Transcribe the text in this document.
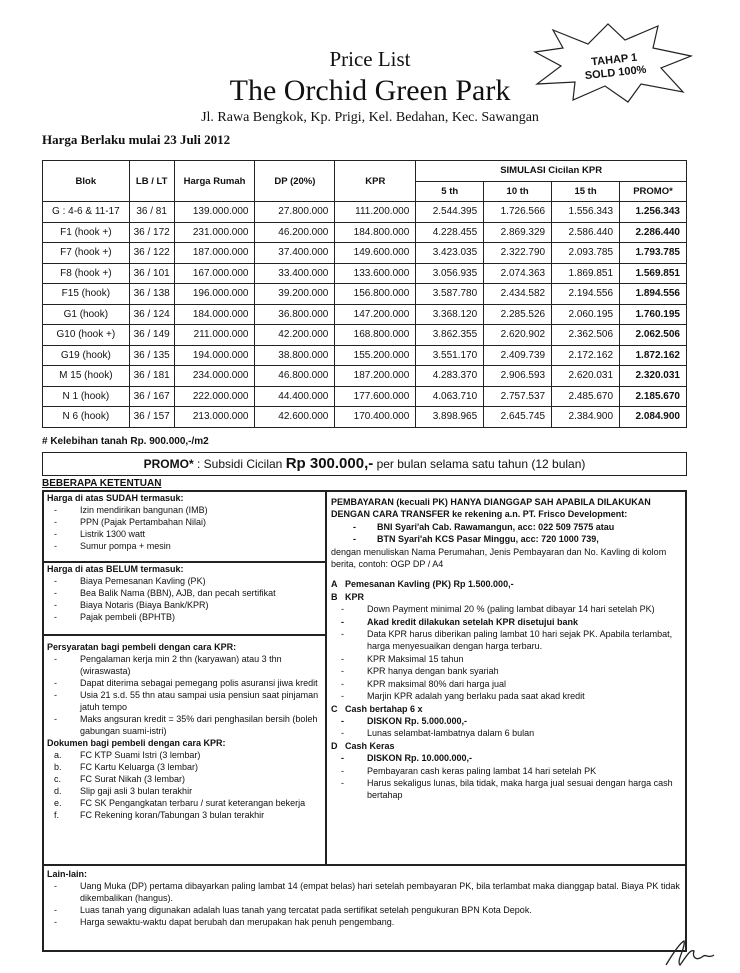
Price List
The Orchid Green Park
Jl. Rawa Bengkok, Kp. Prigi, Kel. Bedahan, Kec. Sawangan
Harga Berlaku mulai 23 Juli 2012
TAHAP 1
SOLD 100%
Blok	LB / LT	Harga Rumah	DP (20%)	KPR	SIMULASI Cicilan KPR			
					5 th	10 th	15 th	PROMO*
G : 4-6 & 11-17	36 / 81	139.000.000	27.800.000	111.200.000	2.544.395	1.726.566	1.556.343	1.256.343
F1 (hook +)	36 / 172	231.000.000	46.200.000	184.800.000	4.228.455	2.869.329	2.586.440	2.286.440
F7 (hook +)	36 / 122	187.000.000	37.400.000	149.600.000	3.423.035	2.322.790	2.093.785	1.793.785
F8 (hook +)	36 / 101	167.000.000	33.400.000	133.600.000	3.056.935	2.074.363	1.869.851	1.569.851
F15 (hook)	36 / 138	196.000.000	39.200.000	156.800.000	3.587.780	2.434.582	2.194.556	1.894.556
G1 (hook)	36 / 124	184.000.000	36.800.000	147.200.000	3.368.120	2.285.526	2.060.195	1.760.195
G10 (hook +)	36 / 149	211.000.000	42.200.000	168.800.000	3.862.355	2.620.902	2.362.506	2.062.506
G19 (hook)	36 / 135	194.000.000	38.800.000	155.200.000	3.551.170	2.409.739	2.172.162	1.872.162
M 15 (hook)	36 / 181	234.000.000	46.800.000	187.200.000	4.283.370	2.906.593	2.620.031	2.320.031
N 1 (hook)	36 / 167	222.000.000	44.400.000	177.600.000	4.063.710	2.757.537	2.485.670	2.185.670
N 6 (hook)	36 / 157	213.000.000	42.600.000	170.400.000	3.898.965	2.645.745	2.384.900	2.084.900
# Kelebihan tanah Rp. 900.000,-/m2
PROMO* : Subsidi Cicilan Rp 300.000,- per bulan selama satu tahun (12 bulan)
BEBERAPA KETENTUAN
Harga di atas SUDAH termasuk:
-	Izin mendirikan bangunan (IMB)
-	PPN (Pajak Pertambahan Nilai)
-	Listrik 1300 watt
-	Sumur pompa + mesin
Harga di atas BELUM termasuk:
-	Biaya Pemesanan Kavling (PK)
-	Bea Balik Nama (BBN), AJB, dan pecah sertifikat
-	Biaya Notaris (Biaya Bank/KPR)
-	Pajak pembeli (BPHTB)
Persyaratan bagi pembeli dengan cara KPR:
-	Pengalaman kerja min 2 thn (karyawan) atau 3 thn (wiraswasta)
-	Dapat diterima sebagai pemegang polis asuransi jiwa kredit
-	Usia 21 s.d. 55 thn atau sampai usia pensiun saat pinjaman jatuh tempo
-	Maks angsuran kredit = 35% dari penghasilan bersih (boleh gabungan suami-istri)
Dokumen bagi pembeli dengan cara KPR:
a. FC KTP Suami Istri (3 lembar)
b. FC Kartu Keluarga (3 lembar)
c. FC Surat Nikah (3 lembar)
d. Slip gaji asli 3 bulan terakhir
e. FC SK Pengangkatan terbaru / surat keterangan bekerja
f. FC Rekening koran/Tabungan 3 bulan terakhir
PEMBAYARAN (kecuali PK) HANYA DIANGGAP SAH APABILA DILAKUKAN
DENGAN CARA TRANSFER ke rekening a.n. PT. Frisco Development:
- BNI Syari'ah Cab. Rawamangun, acc: 022 509 7575 atau
- BTN Syari'ah KCS Pasar Minggu, acc: 720 1000 739,
dengan menuliskan Nama Perumahan, Jenis Pembayaran dan No. Kavling di kolom berita, contoh: OGP DP / A4
A Pemesanan Kavling (PK) Rp 1.500.000,-
B KPR
-	Down Payment minimal 20 % (paling lambat dibayar 14 hari setelah PK)
-	Akad kredit dilakukan setelah KPR disetujui bank
-	Data KPR harus diberikan paling lambat 10 hari sejak PK. Apabila terlambat, harga menyesuaikan dengan harga terbaru.
-	KPR Maksimal 15 tahun
-	KPR hanya dengan bank syariah
-	KPR maksimal 80% dari harga jual
-	Marjin KPR adalah yang berlaku pada saat akad kredit
C Cash bertahap 6 x
-	DISKON Rp. 5.000.000,-
-	Lunas selambat-lambatnya dalam 6 bulan
D Cash Keras
-	DISKON Rp. 10.000.000,-
-	Pembayaran cash keras paling lambat 14 hari setelah PK
-	Harus sekaligus lunas, bila tidak, maka harga jual sesuai dengan harga cash bertahap
Lain-lain:
-	Uang Muka (DP) pertama dibayarkan paling lambat 14 (empat belas) hari setelah pembayaran PK, bila terlambat maka dianggap batal. Biaya PK tidak dikembalikan (hangus).
-	Luas tanah yang digunakan adalah luas tanah yang tercatat pada sertifikat setelah pengukuran BPN Kota Depok.
-	Harga sewaktu-waktu dapat berubah dan merupakan hak penuh pengembang.
